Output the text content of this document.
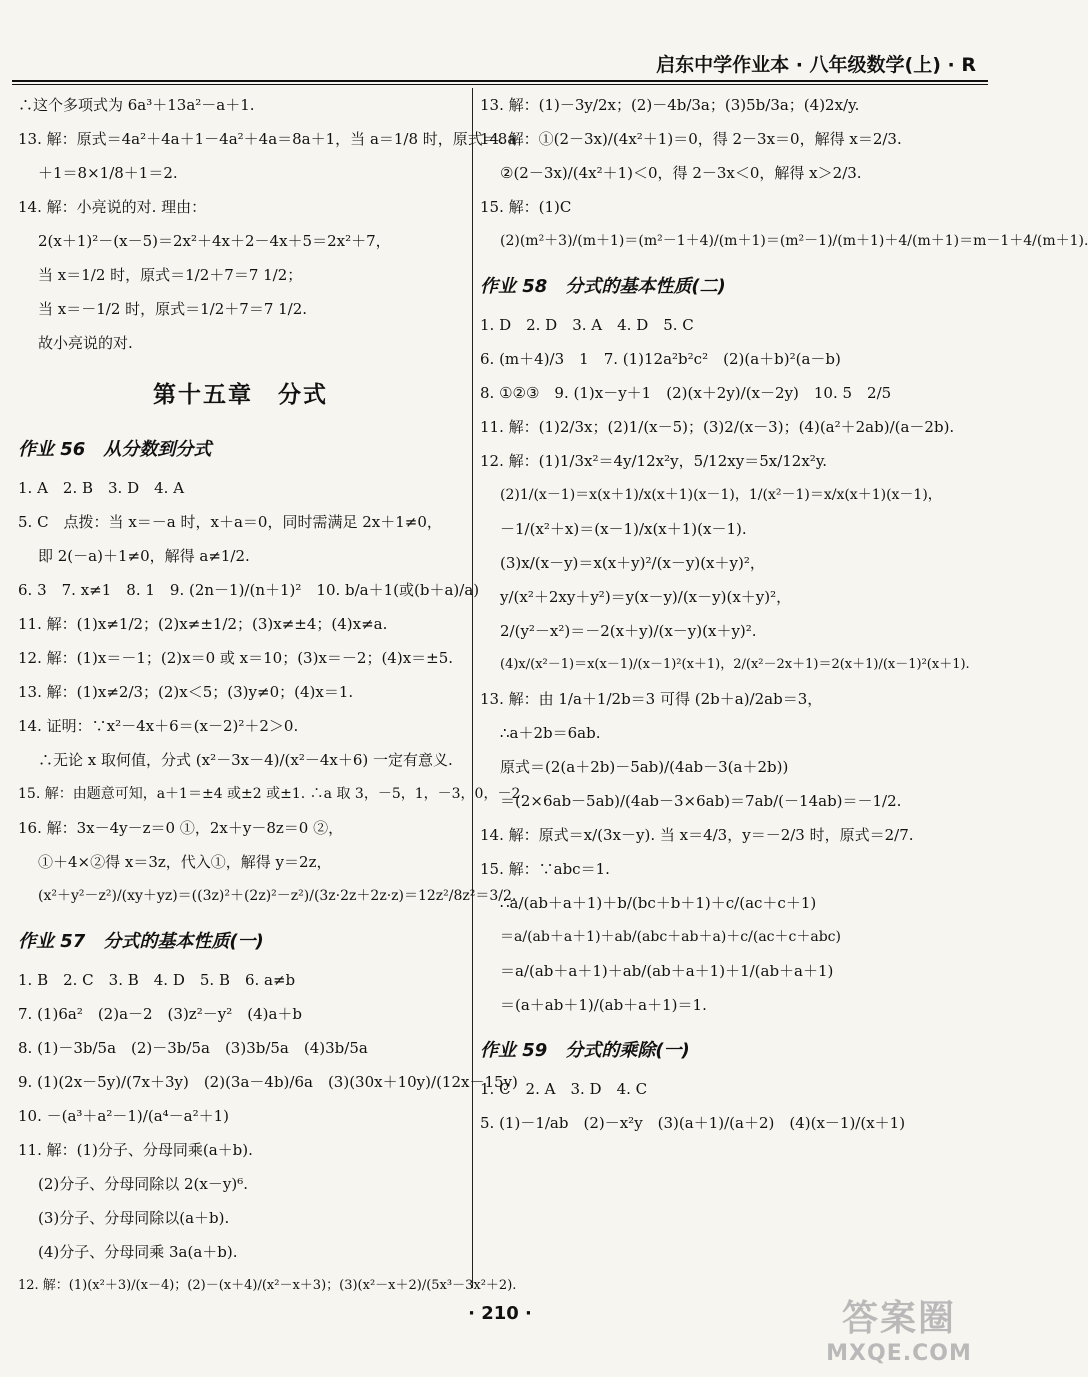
启东中学作业本 · 八年级数学(上) · R
∴这个多项式为 6a³＋13a²－a＋1.
13. 解：原式＝4a²＋4a＋1－4a²＋4a＝8a＋1，当 a＝1/8 时，原式＝8a
＋1＝8×1/8＋1＝2.
14. 解：小亮说的对. 理由：
2(x＋1)²－(x－5)＝2x²＋4x＋2－4x＋5＝2x²＋7，
当 x＝1/2 时，原式＝1/2＋7＝7 1/2；
当 x＝－1/2 时，原式＝1/2＋7＝7 1/2.
故小亮说的对.
第十五章　分式
作业 56　从分数到分式
1. A　2. B　3. D　4. A
5. C　点拨：当 x＝－a 时，x＋a＝0，同时需满足 2x＋1≠0，
即 2(－a)＋1≠0，解得 a≠1/2.
6. 3　7. x≠1　8. 1　9. (2n－1)/(n＋1)²　10. b/a＋1(或(b＋a)/a)
11. 解：(1)x≠1/2；(2)x≠±1/2；(3)x≠±4；(4)x≠a.
12. 解：(1)x＝－1；(2)x＝0 或 x＝10；(3)x＝－2；(4)x＝±5.
13. 解：(1)x≠2/3；(2)x＜5；(3)y≠0；(4)x＝1.
14. 证明：∵x²－4x＋6＝(x－2)²＋2＞0.
∴无论 x 取何值，分式 (x²－3x－4)/(x²－4x＋6) 一定有意义.
15. 解：由题意可知，a＋1＝±4 或±2 或±1. ∴a 取 3，－5，1，－3，0，－2.
16. 解：3x－4y－z＝0 ①，2x＋y－8z＝0 ②，
①＋4×②得 x＝3z，代入①，解得 y＝2z，
(x²＋y²－z²)/(xy＋yz)＝((3z)²＋(2z)²－z²)/(3z·2z＋2z·z)＝12z²/8z²＝3/2.
作业 57　分式的基本性质(一)
1. B　2. C　3. B　4. D　5. B　6. a≠b
7. (1)6a²　(2)a－2　(3)z²－y²　(4)a＋b
8. (1)－3b/5a　(2)－3b/5a　(3)3b/5a　(4)3b/5a
9. (1)(2x－5y)/(7x＋3y)　(2)(3a－4b)/6a　(3)(30x＋10y)/(12x－15y)
10. －(a³＋a²－1)/(a⁴－a²＋1)
11. 解：(1)分子、分母同乘(a＋b).
(2)分子、分母同除以 2(x－y)⁶.
(3)分子、分母同除以(a＋b).
(4)分子、分母同乘 3a(a＋b).
12. 解：(1)(x²＋3)/(x－4)；(2)－(x＋4)/(x²－x＋3)；(3)(x²－x＋2)/(5x³－3x²＋2).
13. 解：(1)－3y/2x；(2)－4b/3a；(3)5b/3a；(4)2x/y.
14. 解：①(2－3x)/(4x²＋1)＝0，得 2－3x＝0，解得 x＝2/3.
②(2－3x)/(4x²＋1)＜0，得 2－3x＜0，解得 x＞2/3.
15. 解：(1)C
(2)(m²＋3)/(m＋1)＝(m²－1＋4)/(m＋1)＝(m²－1)/(m＋1)＋4/(m＋1)＝m－1＋4/(m＋1).
作业 58　分式的基本性质(二)
1. D　2. D　3. A　4. D　5. C
6. (m＋4)/3　1　7. (1)12a²b²c²　(2)(a＋b)²(a－b)
8. ①②③　9. (1)x－y＋1　(2)(x＋2y)/(x－2y)　10. 5　2/5
11. 解：(1)2/3x；(2)1/(x－5)；(3)2/(x－3)；(4)(a²＋2ab)/(a－2b).
12. 解：(1)1/3x²＝4y/12x²y，5/12xy＝5x/12x²y.
(2)1/(x－1)＝x(x＋1)/x(x＋1)(x－1)，1/(x²－1)＝x/x(x＋1)(x－1)，
－1/(x²＋x)＝(x－1)/x(x＋1)(x－1).
(3)x/(x－y)＝x(x＋y)²/(x－y)(x＋y)²，
y/(x²＋2xy＋y²)＝y(x－y)/(x－y)(x＋y)²，
2/(y²－x²)＝－2(x＋y)/(x－y)(x＋y)².
(4)x/(x²－1)＝x(x－1)/(x－1)²(x＋1)，2/(x²－2x＋1)＝2(x＋1)/(x－1)²(x＋1).
13. 解：由 1/a＋1/2b＝3 可得 (2b＋a)/2ab＝3，
∴a＋2b＝6ab.
原式＝(2(a＋2b)－5ab)/(4ab－3(a＋2b))
＝(2×6ab－5ab)/(4ab－3×6ab)＝7ab/(－14ab)＝－1/2.
14. 解：原式＝x/(3x－y). 当 x＝4/3，y＝－2/3 时，原式＝2/7.
15. 解：∵abc＝1.
∴a/(ab＋a＋1)＋b/(bc＋b＋1)＋c/(ac＋c＋1)
＝a/(ab＋a＋1)＋ab/(abc＋ab＋a)＋c/(ac＋c＋abc)
＝a/(ab＋a＋1)＋ab/(ab＋a＋1)＋1/(ab＋a＋1)
＝(a＋ab＋1)/(ab＋a＋1)＝1.
作业 59　分式的乘除(一)
1. C　2. A　3. D　4. C
5. (1)－1/ab　(2)－x²y　(3)(a＋1)/(a＋2)　(4)(x－1)/(x＋1)
· 210 ·	答案圈
MXQE.COM
